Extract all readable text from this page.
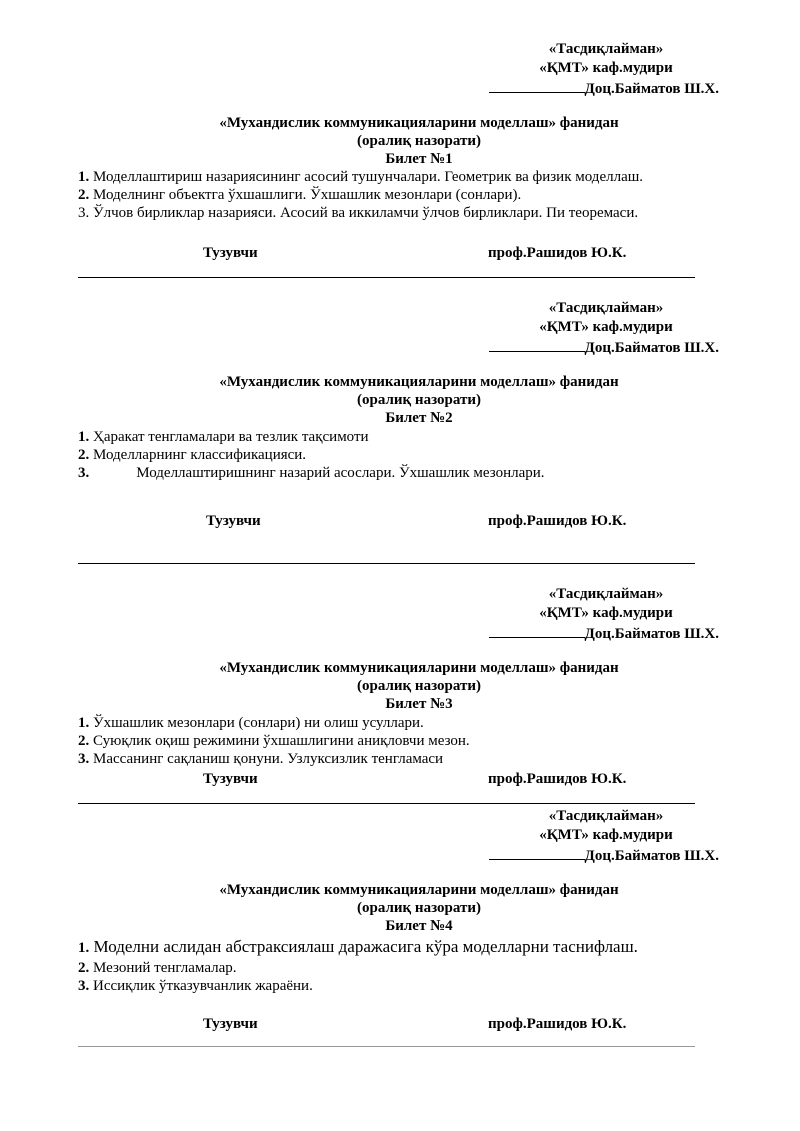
«Тасдиқлайман»
«ҚМТ» каф.мудири
Доц.Байматов Ш.Х.
«Мухандислик коммуникацияларини моделлаш» фанидан
(оралиқ назорати)
Билет №1
1. Моделлаштириш назариясининг асосий тушунчалари. Геометрик ва физик моделлаш.
2. Моделнинг объектга ўхшашлиги. Ўхшашлик мезонлари (сонлари).
3. Ўлчов бирликлар назарияси. Асосий ва иккиламчи ўлчов бирликлари. Пи теоремаси.
Тузувчи	проф.Рашидов Ю.К.
«Тасдиқлайман»
«ҚМТ» каф.мудири
Доц.Байматов Ш.Х.
«Мухандислик коммуникацияларини моделлаш» фанидан
(оралиқ назорати)
Билет №2
1. Ҳаракат тенгламалари ва тезлик тақсимоти
2. Моделларнинг классификацияси.
3.	Моделлаштиришнинг назарий асослари. Ўхшашлик мезонлари.
Тузувчи	проф.Рашидов Ю.К.
«Тасдиқлайман»
«ҚМТ» каф.мудири
Доц.Байматов Ш.Х.
«Мухандислик коммуникацияларини моделлаш» фанидан
(оралиқ назорати)
Билет №3
1. Ўхшашлик мезонлари (сонлари) ни олиш усуллари.
2. Суюқлик оқиш режимини ўхшашлигини аниқловчи мезон.
3. Массанинг сақланиш қонуни. Узлуксизлик тенгламаси
Тузувчи	проф.Рашидов Ю.К.
«Тасдиқлайман»
«ҚМТ» каф.мудири
Доц.Байматов Ш.Х.
«Мухандислик коммуникацияларини моделлаш» фанидан
(оралиқ назорати)
Билет №4
1. Моделни аслидан абстраксиялаш даражасига кўра моделларни таснифлаш.
2. Мезоний тенгламалар.
3. Иссиқлик ўтказувчанлик жараёни.
Тузувчи	проф.Рашидов Ю.К.
